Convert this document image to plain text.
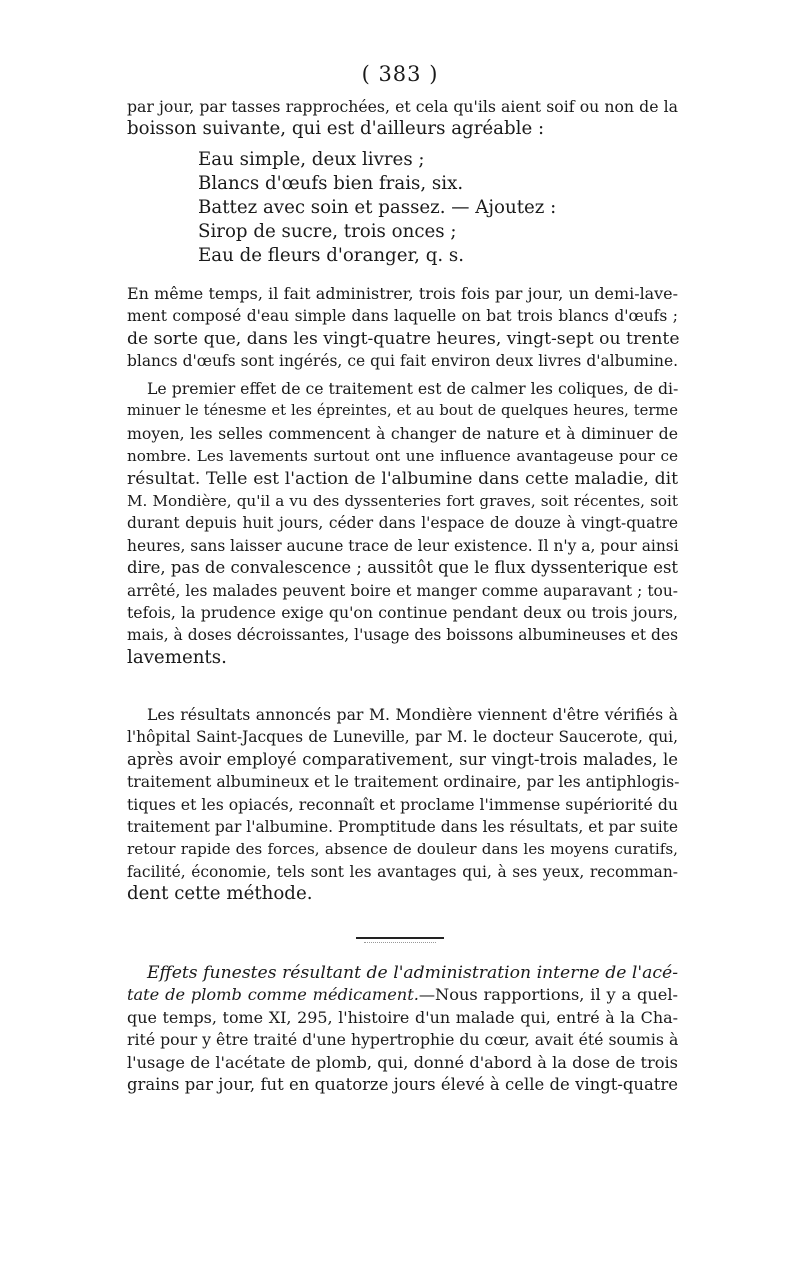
( 383 )
par jour, par tasses rapprochées, et cela qu'ils aient soif ou non de la
boisson suivante, qui est d'ailleurs agréable :
Eau simple, deux livres ;
Blancs d'œufs bien frais, six.
Battez avec soin et passez. — Ajoutez :
Sirop de sucre, trois onces ;
Eau de fleurs d'oranger, q. s.
En même temps, il fait administrer, trois fois par jour, un demi-lave-
ment composé d'eau simple dans laquelle on bat trois blancs d'œufs ;
de sorte que, dans les vingt-quatre heures, vingt-sept ou trente
blancs d'œufs sont ingérés, ce qui fait environ deux livres d'albumine.
Le premier effet de ce traitement est de calmer les coliques, de di-
minuer le ténesme et les épreintes, et au bout de quelques heures, terme
moyen, les selles commencent à changer de nature et à diminuer de
nombre. Les lavements surtout ont une influence avantageuse pour ce
résultat. Telle est l'action de l'albumine dans cette maladie, dit
M. Mondière, qu'il a vu des dyssenteries fort graves, soit récentes, soit
durant depuis huit jours, céder dans l'espace de douze à vingt-quatre
heures, sans laisser aucune trace de leur existence. Il n'y a, pour ainsi
dire, pas de convalescence ; aussitôt que le flux dyssenterique est
arrêté, les malades peuvent boire et manger comme auparavant ; tou-
tefois, la prudence exige qu'on continue pendant deux ou trois jours,
mais, à doses décroissantes, l'usage des boissons albumineuses et des
lavements.
Les résultats annoncés par M. Mondière viennent d'être vérifiés à
l'hôpital Saint-Jacques de Luneville, par M. le docteur Saucerote, qui,
après avoir employé comparativement, sur vingt-trois malades, le
traitement albumineux et le traitement ordinaire, par les antiphlogis-
tiques et les opiacés, reconnaît et proclame l'immense supériorité du
traitement par l'albumine. Promptitude dans les résultats, et par suite
retour rapide des forces, absence de douleur dans les moyens curatifs,
facilité, économie, tels sont les avantages qui, à ses yeux, recomman-
dent cette méthode.
Effets funestes résultant de l'administration interne de l'acé-
tate de plomb comme médicament.—Nous rapportions, il y a quel-
que temps, tome XI, 295, l'histoire d'un malade qui, entré à la Cha-
rité pour y être traité d'une hypertrophie du cœur, avait été soumis à
l'usage de l'acétate de plomb, qui, donné d'abord à la dose de trois
grains par jour, fut en quatorze jours élevé à celle de vingt-quatre
